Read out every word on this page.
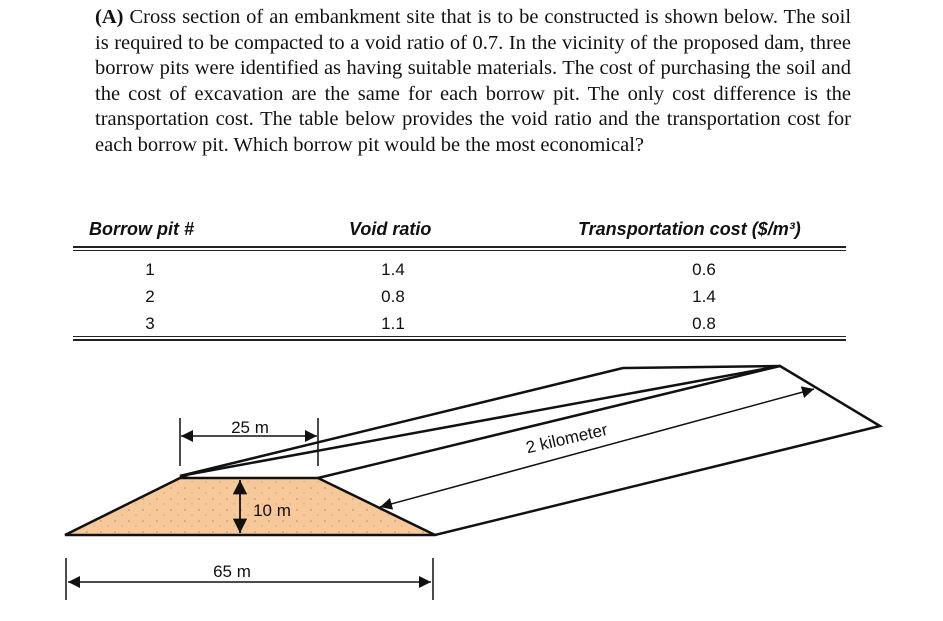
(A) Cross section of an embankment site that is to be constructed is shown below. The soil is required to be compacted to a void ratio of 0.7. In the vicinity of the proposed dam, three borrow pits were identified as having suitable materials. The cost of purchasing the soil and the cost of excavation are the same for each borrow pit. The only cost difference is the transportation cost. The table below provides the void ratio and the transportation cost for each borrow pit. Which borrow pit would be the most economical?

Borrow pit #	Void ratio	Transportation cost ($/m³)
1	1.4	0.6
2	0.8	1.4
3	1.1	0.8
25 m
10 m
65 m
2 kilometer
